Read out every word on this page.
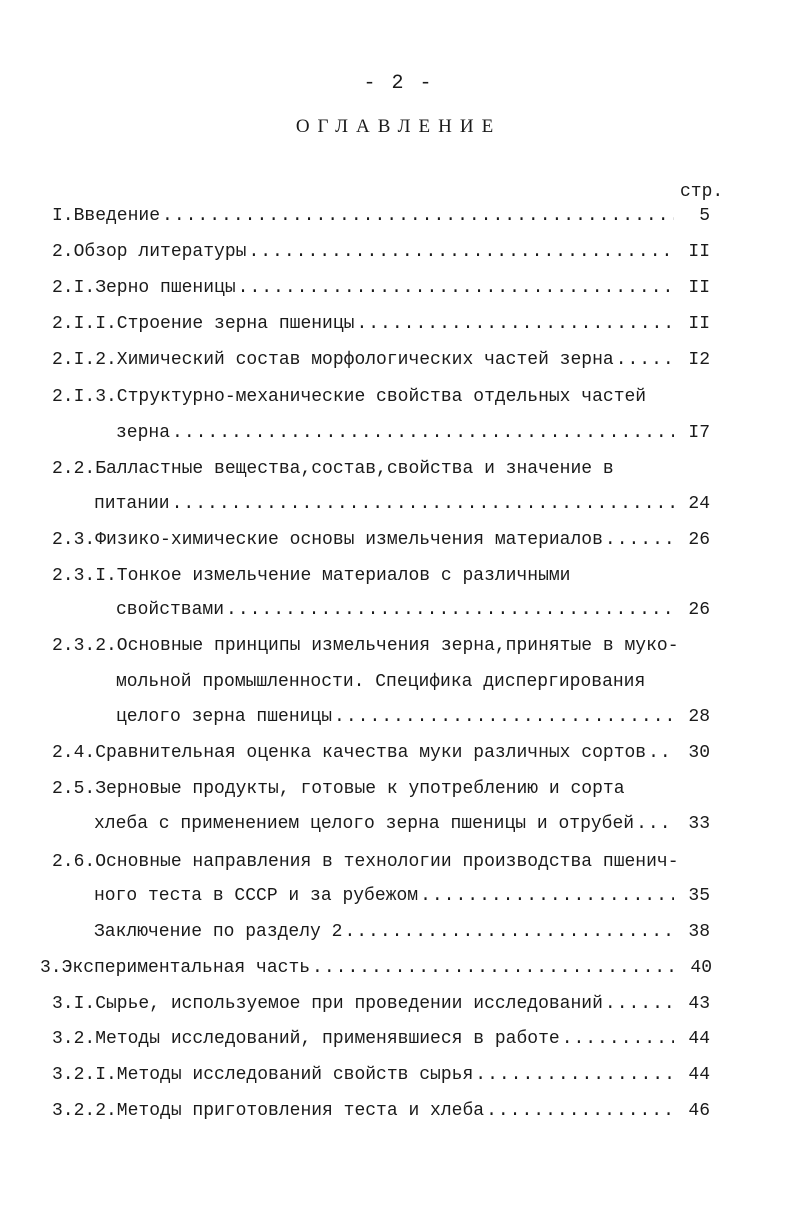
- 2 -
ОГЛАВЛЕНИЕ
стр.
I.Введение .....	5
2.Обзор литературы .....	II
2.I.Зерно пшеницы .....	II
2.I.I.Строение зерна пшеницы .....	II
2.I.2.Химический состав морфологических частей зерна .....	I2
2.I.3.Структурно-механические свойства отдельных частей
зерна .....	I7
2.2.Балластные вещества,состав,свойства и значение в
питании .....	24
2.3.Физико-химические основы измельчения материалов .....	26
2.3.I.Тонкое измельчение материалов с различными
свойствами .....	26
2.3.2.Основные принципы измельчения зерна,принятые в муко-
мольной промышленности. Специфика диспергирования
целого зерна пшеницы .....	28
2.4.Сравнительная оценка качества муки различных сортов .....	30
2.5.Зерновые продукты, готовые к употреблению и сорта
хлеба с применением целого зерна пшеницы и отрубей .....	33
2.6.Основные направления в технологии производства пшенич-
ного теста в СССР и за рубежом .....	35
Заключение по разделу 2 .....	38
3.Экспериментальная часть .....	40
3.I.Сырье, используемое при проведении исследований .....	43
3.2.Методы исследований, применявшиеся в работе .....	44
3.2.I.Методы исследований свойств сырья .....	44
3.2.2.Методы приготовления теста и хлеба .....	46
